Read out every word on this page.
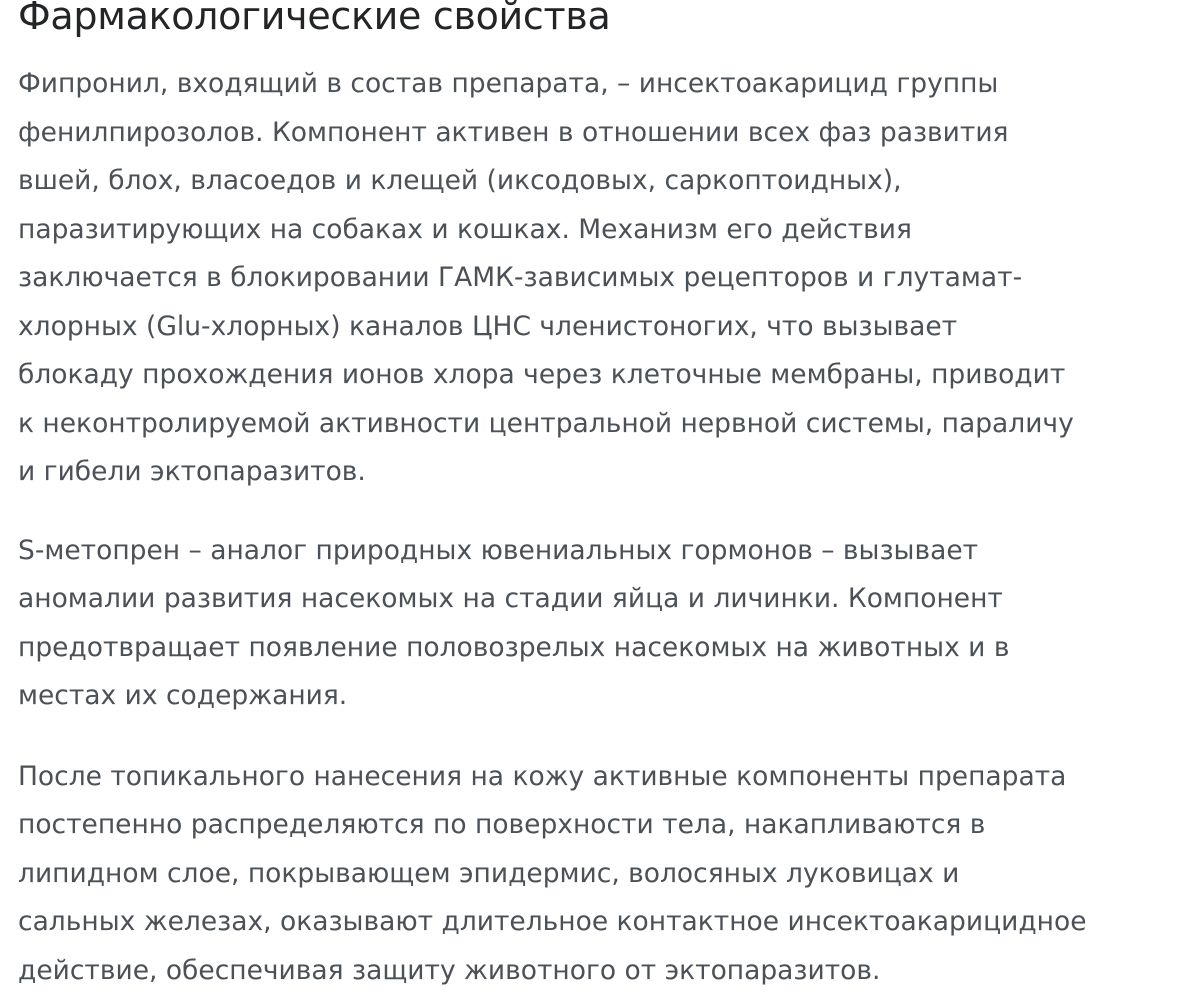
Фармакологические свойства

Фипронил, входящий в состав препарата, – инсектоакарицид группы
фенилпирозолов. Компонент активен в отношении всех фаз развития
вшей, блох, власоедов и клещей (иксодовых, саркоптоидных),
паразитирующих на собаках и кошках. Механизм его действия
заключается в блокировании ГАМК-зависимых рецепторов и глутамат-
хлорных (Glu-хлорных) каналов ЦНС членистоногих, что вызывает
блокаду прохождения ионов хлора через клеточные мембраны, приводит
к неконтролируемой активности центральной нервной системы, параличу
и гибели эктопаразитов.

S-метопрен – аналог природных ювениальных гормонов – вызывает
аномалии развития насекомых на стадии яйца и личинки. Компонент
предотвращает появление половозрелых насекомых на животных и в
местах их содержания.

После топикального нанесения на кожу активные компоненты препарата
постепенно распределяются по поверхности тела, накапливаются в
липидном слое, покрывающем эпидермис, волосяных луковицах и
сальных железах, оказывают длительное контактное инсектоакарицидное
действие, обеспечивая защиту животного от эктопаразитов.
